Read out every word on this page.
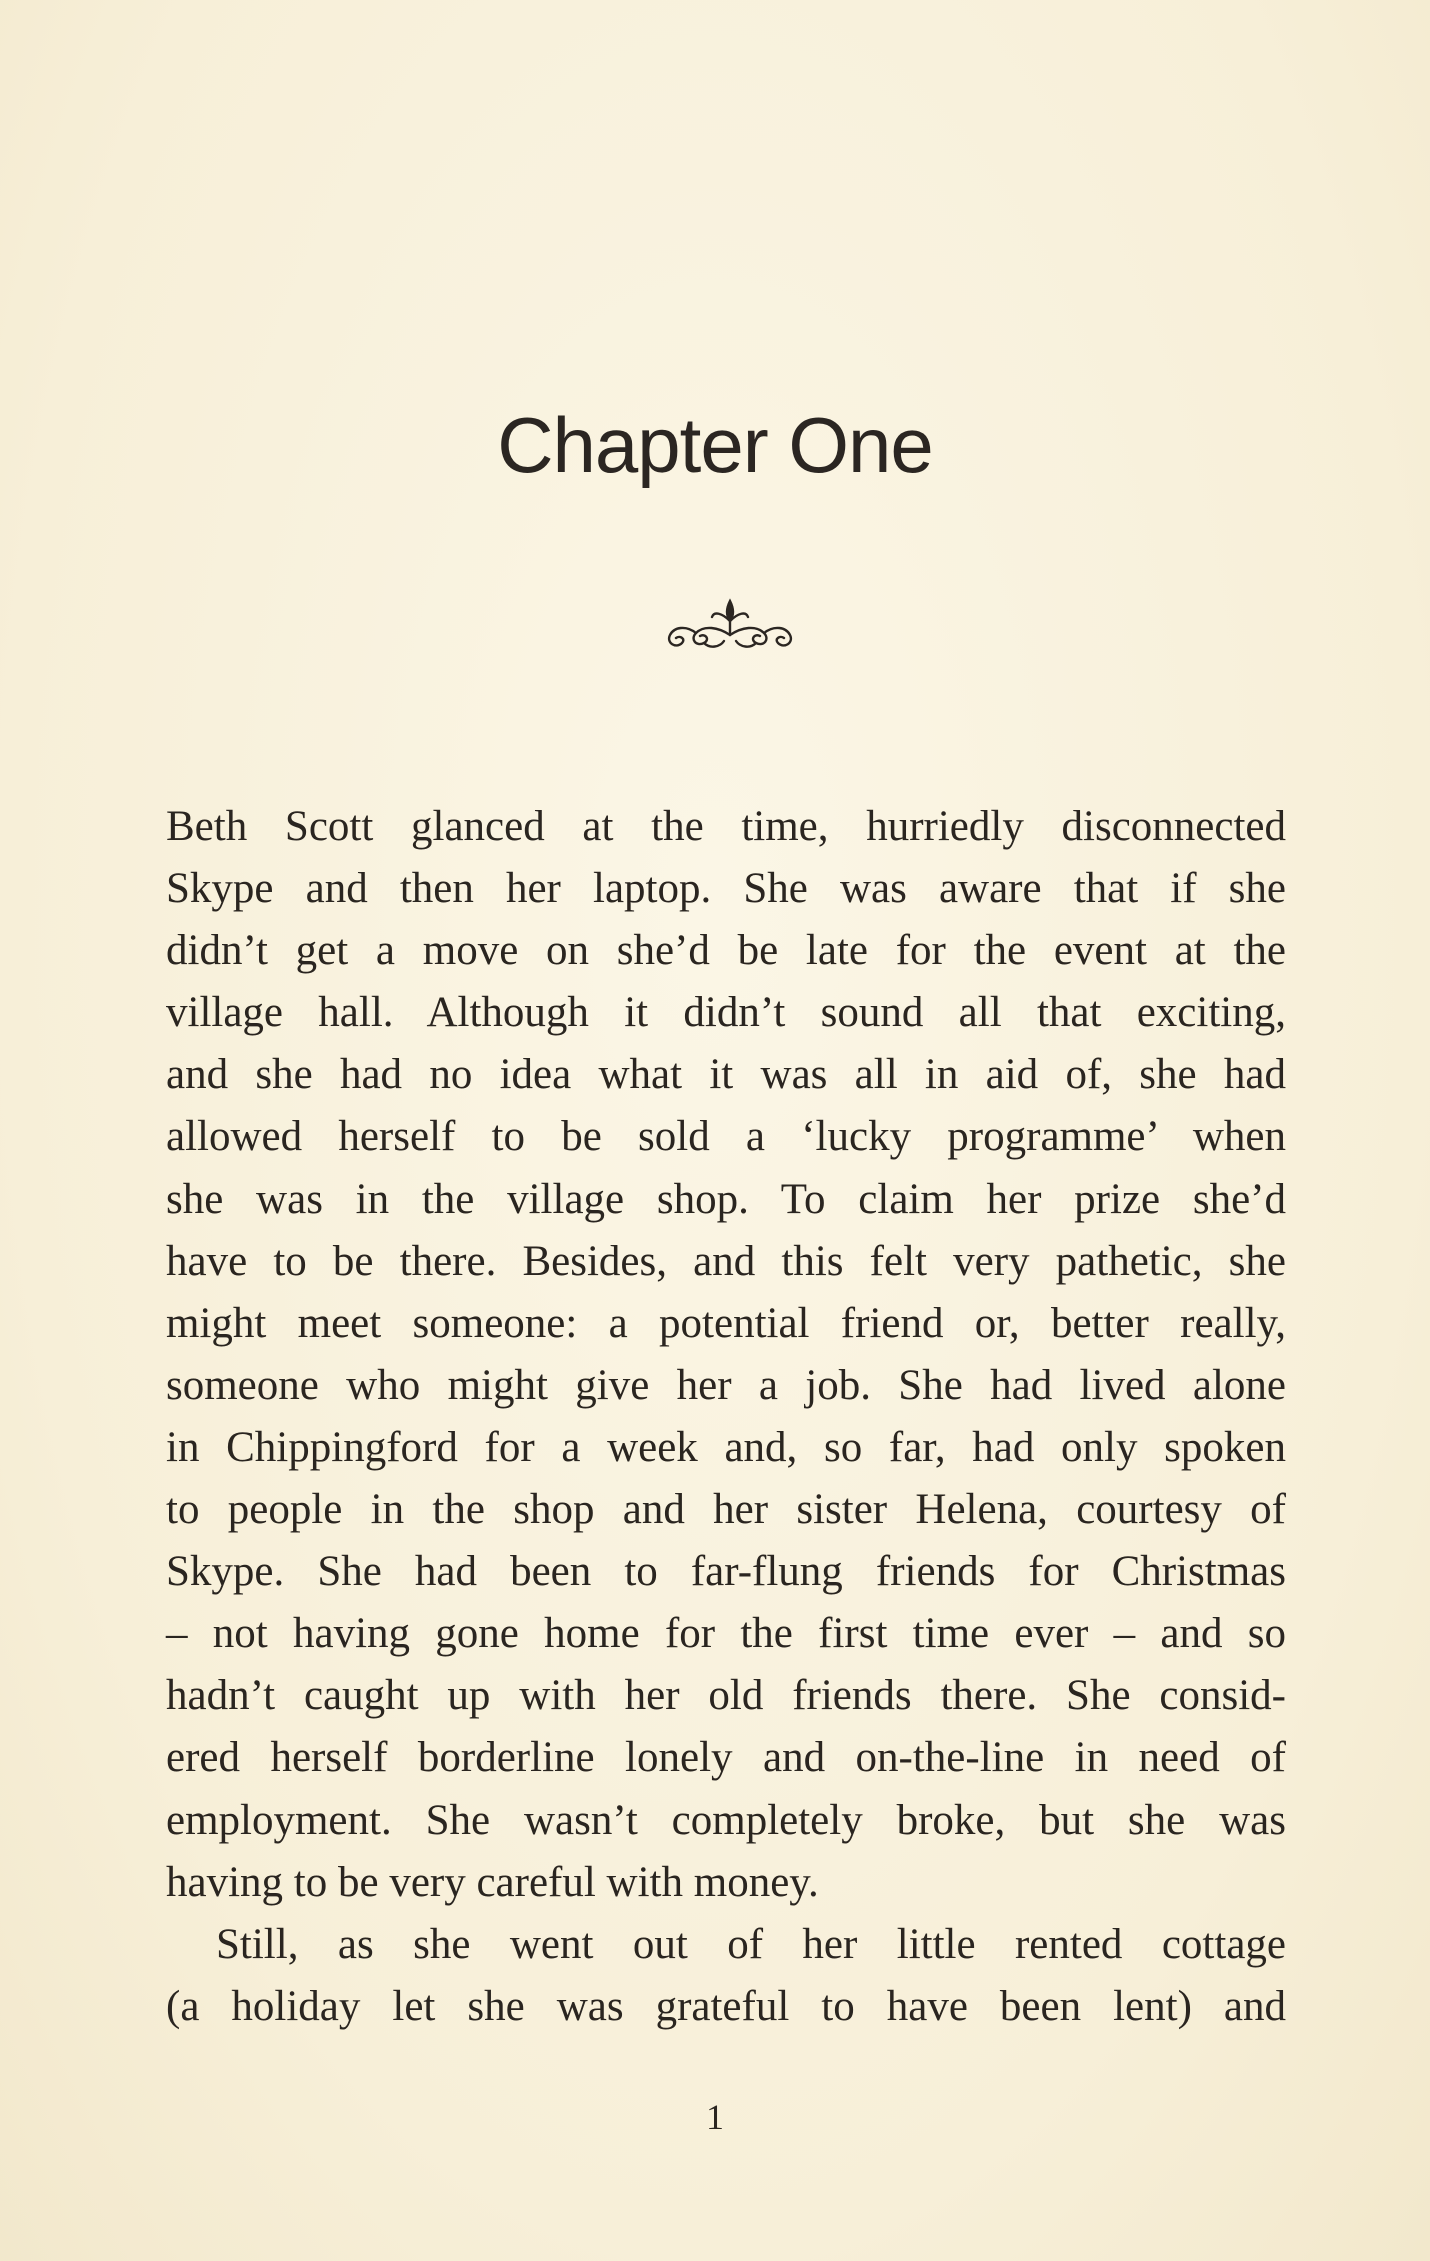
Chapter One
Beth Scott glanced at the time, hurriedly disconnected
Skype and then her laptop. She was aware that if she
didn’t get a move on she’d be late for the event at the
village hall. Although it didn’t sound all that exciting,
and she had no idea what it was all in aid of, she had
allowed herself to be sold a ‘lucky programme’ when
she was in the village shop. To claim her prize she’d
have to be there. Besides, and this felt very pathetic, she
might meet someone: a potential friend or, better really,
someone who might give her a job. She had lived alone
in Chippingford for a week and, so far, had only spoken
to people in the shop and her sister Helena, courtesy of
Skype. She had been to far-flung friends for Christmas
– not having gone home for the first time ever – and so
hadn’t caught up with her old friends there. She consid-
ered herself borderline lonely and on-the-line in need of
employment. She wasn’t completely broke, but she was
having to be very careful with money.
Still, as she went out of her little rented cottage
(a holiday let she was grateful to have been lent) and
1
